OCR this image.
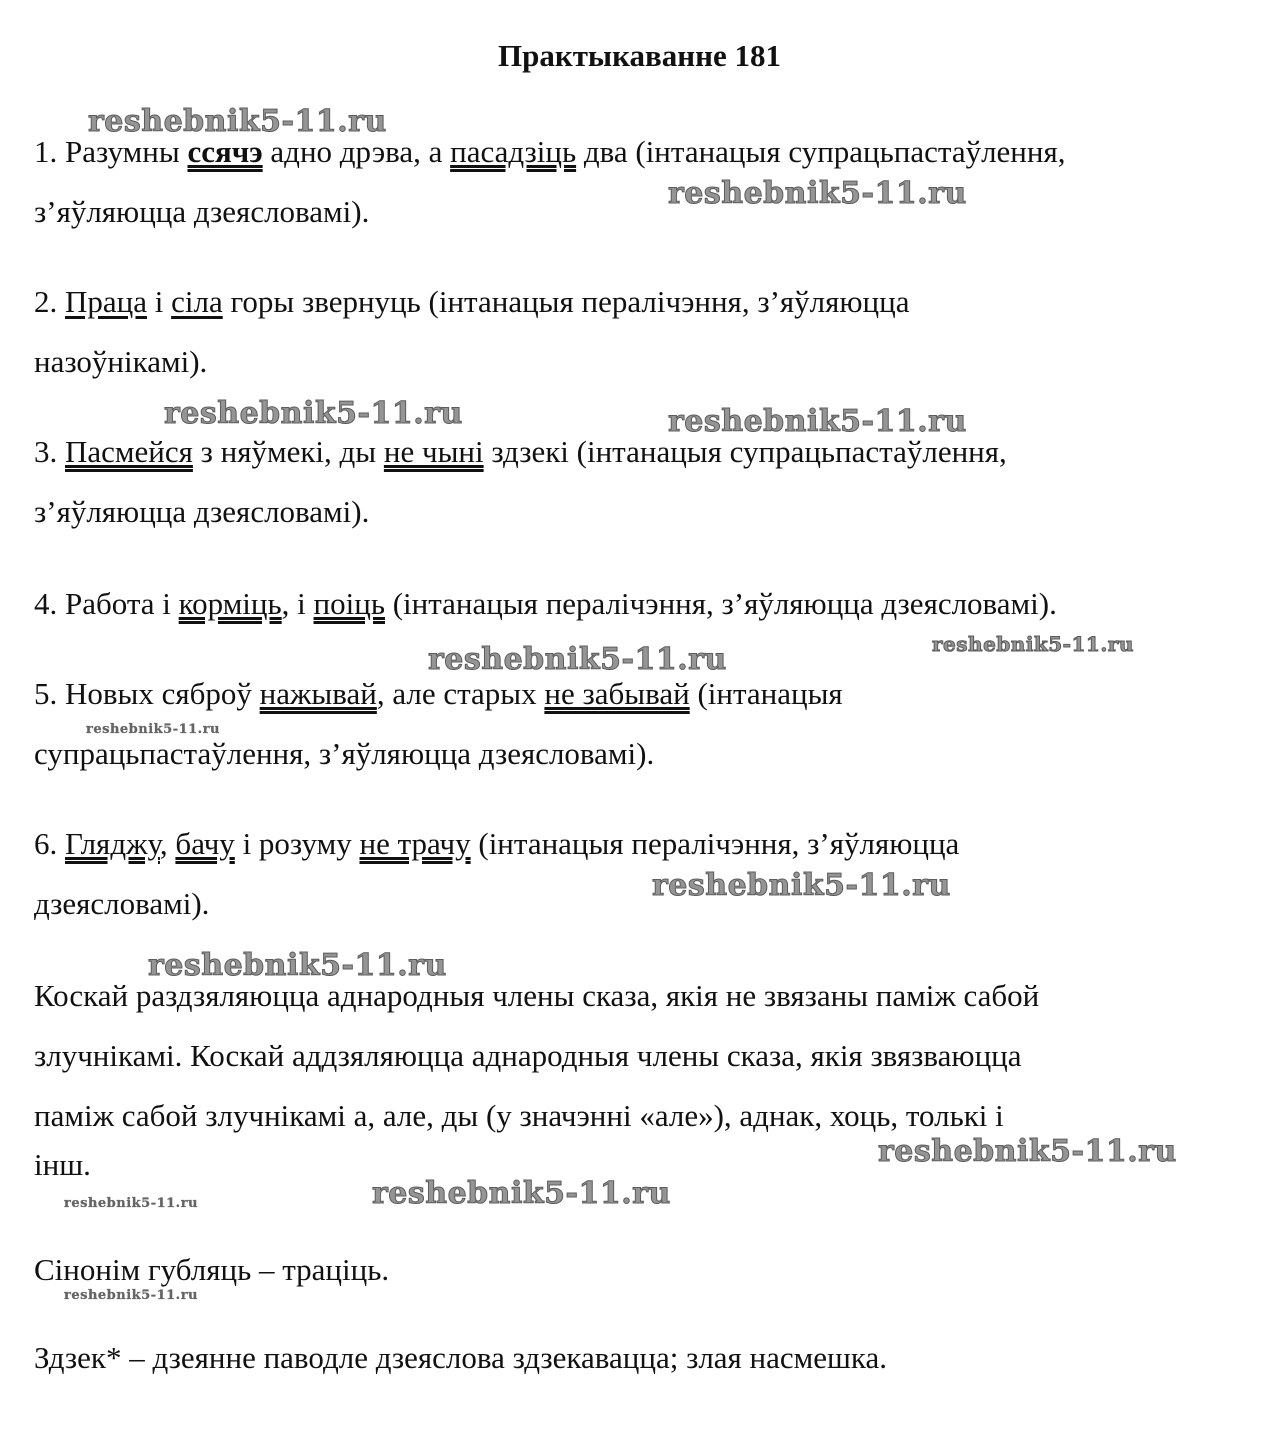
Практыкаванне 181
1. Разумны ссячэ адно дрэва, а пасадзіць два (інтанацыя супрацьпастаўлення,
з’яўляюцца дзеясловамі).
2. Праца і сіла горы звернуць (інтанацыя пералічэння, з’яўляюцца
назоўнікамі).
3. Пасмейся з няўмекі, ды не чыні здзекі (інтанацыя супрацьпастаўлення,
з’яўляюцца дзеясловамі).
4. Работа і корміць, і поіць (інтанацыя пералічэння, з’яўляюцца дзеясловамі).
5. Новых сяброў нажывай, але старых не забывай (інтанацыя
супрацьпастаўлення, з’яўляюцца дзеясловамі).
6. Гляджу, бачу і розуму не трачу (інтанацыя пералічэння, з’яўляюцца
дзеясловамі).
Коскай раздзяляюцца аднародныя члены сказа, якія не звязаны паміж сабой
злучнікамі. Коскай аддзяляюцца аднародныя члены сказа, якія звязваюцца
паміж сабой злучнікамі а, але, ды (у значэнні «але»), аднак, хоць, толькі і
інш.
Сінонім губляць – траціць.
Здзек* – дзеянне паводле дзеяслова здзекавацца; злая насмешка.
reshebnik5-11.ru
reshebnik5-11.ru
reshebnik5-11.ru	reshebnik5-11.ru
reshebnik5-11.ru
reshebnik5-11.ru
reshebnik5-11.ru
reshebnik5-11.ru
reshebnik5-11.ru
reshebnik5-11.ru
reshebnik5-11.ru	reshebnik5-11.ru
reshebnik5-11.ru
